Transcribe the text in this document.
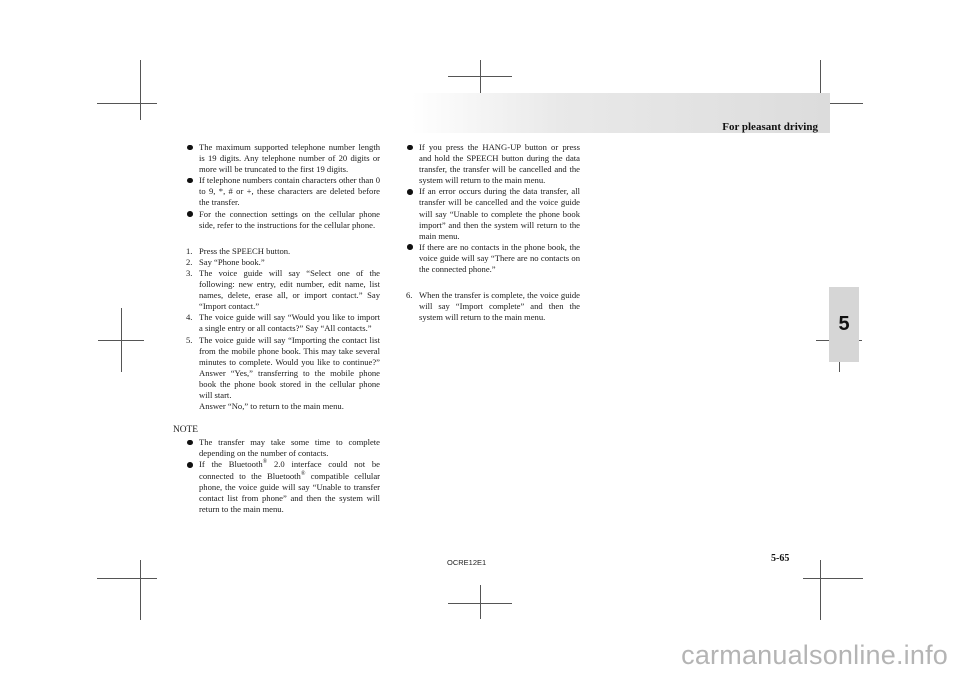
For pleasant driving
5

The maximum supported telephone number length is 19 digits. Any telephone number of 20 digits or more will be truncated to the first 19 digits.

If telephone numbers contain characters other than 0 to 9, *, # or +, these characters are deleted before the transfer.

For the connection settings on the cellular phone side, refer to the instructions for the cellular phone.

1. Press the SPEECH button.

2. Say “Phone book.”

3. The voice guide will say “Select one of the following: new entry, edit number, edit name, list names, delete, erase all, or import contact.” Say “Import contact.”

4. The voice guide will say “Would you like to import a single entry or all contacts?” Say “All contacts.”

5. The voice guide will say “Importing the contact list from the mobile phone book. This may take several minutes to complete. Would you like to continue?” Answer “Yes,” transferring to the mobile phone book the phone book stored in the cellular phone will start.
Answer “No,” to return to the main menu.

NOTE

The transfer may take some time to complete depending on the number of contacts.

If the Bluetooth® 2.0 interface could not be connected to the Bluetooth® compatible cellular phone, the voice guide will say “Unable to transfer contact list from phone” and then the system will return to the main menu.

If you press the HANG-UP button or press and hold the SPEECH button during the data transfer, the transfer will be cancelled and the system will return to the main menu.

If an error occurs during the data transfer, all transfer will be cancelled and the voice guide will say “Unable to complete the phone book import” and then the system will return to the main menu.

If there are no contacts in the phone book, the voice guide will say “There are no contacts on the connected phone.”

6. When the transfer is complete, the voice guide will say “Import complete” and then the system will return to the main menu.

OCRE12E1	5-65
carmanualsonline.info
